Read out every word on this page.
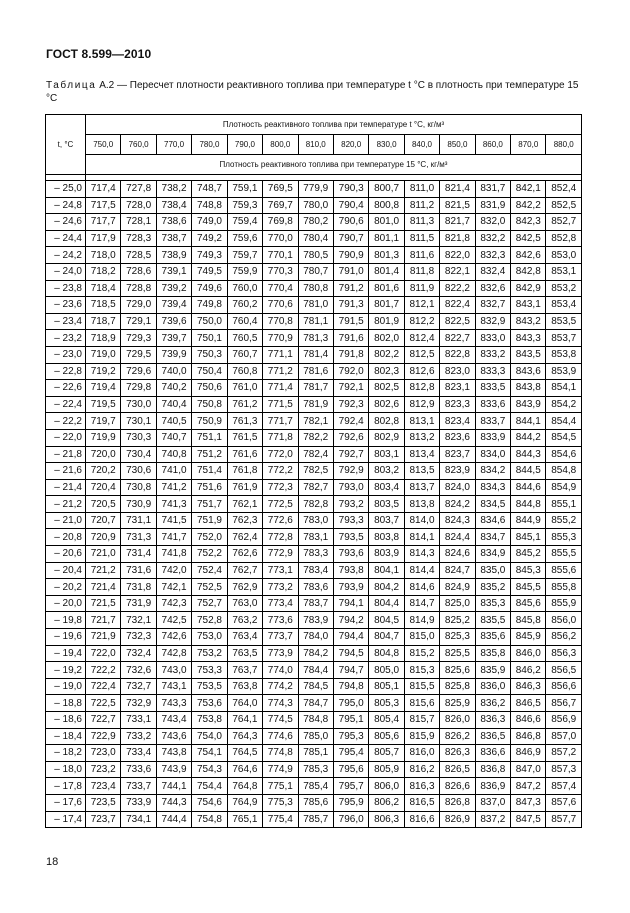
ГОСТ 8.599—2010
Таблица А.2 — Пересчет плотности реактивного топлива при температуре t °С в плотность при температуре 15 °С
t, °С	Плотность реактивного топлива при температуре t °С, кг/м³													
	750,0	760,0	770,0	780,0	790,0	800,0	810,0	820,0	830,0	840,0	850,0	860,0	870,0	880,0
	Плотность реактивного топлива при температуре 15 °С, кг/м³													

– 25,0	717,4	727,8	738,2	748,7	759,1	769,5	779,9	790,3	800,7	811,0	821,4	831,7	842,1	852,4
– 24,8	717,5	728,0	738,4	748,8	759,3	769,7	780,0	790,4	800,8	811,2	821,5	831,9	842,2	852,5
– 24,6	717,7	728,1	738,6	749,0	759,4	769,8	780,2	790,6	801,0	811,3	821,7	832,0	842,3	852,7
– 24,4	717,9	728,3	738,7	749,2	759,6	770,0	780,4	790,7	801,1	811,5	821,8	832,2	842,5	852,8
– 24,2	718,0	728,5	738,9	749,3	759,7	770,1	780,5	790,9	801,3	811,6	822,0	832,3	842,6	853,0
– 24,0	718,2	728,6	739,1	749,5	759,9	770,3	780,7	791,0	801,4	811,8	822,1	832,4	842,8	853,1
– 23,8	718,4	728,8	739,2	749,6	760,0	770,4	780,8	791,2	801,6	811,9	822,2	832,6	842,9	853,2
– 23,6	718,5	729,0	739,4	749,8	760,2	770,6	781,0	791,3	801,7	812,1	822,4	832,7	843,1	853,4
– 23,4	718,7	729,1	739,6	750,0	760,4	770,8	781,1	791,5	801,9	812,2	822,5	832,9	843,2	853,5
– 23,2	718,9	729,3	739,7	750,1	760,5	770,9	781,3	791,6	802,0	812,4	822,7	833,0	843,3	853,7
– 23,0	719,0	729,5	739,9	750,3	760,7	771,1	781,4	791,8	802,2	812,5	822,8	833,2	843,5	853,8
– 22,8	719,2	729,6	740,0	750,4	760,8	771,2	781,6	792,0	802,3	812,6	823,0	833,3	843,6	853,9
– 22,6	719,4	729,8	740,2	750,6	761,0	771,4	781,7	792,1	802,5	812,8	823,1	833,5	843,8	854,1
– 22,4	719,5	730,0	740,4	750,8	761,2	771,5	781,9	792,3	802,6	812,9	823,3	833,6	843,9	854,2
– 22,2	719,7	730,1	740,5	750,9	761,3	771,7	782,1	792,4	802,8	813,1	823,4	833,7	844,1	854,4
– 22,0	719,9	730,3	740,7	751,1	761,5	771,8	782,2	792,6	802,9	813,2	823,6	833,9	844,2	854,5
– 21,8	720,0	730,4	740,8	751,2	761,6	772,0	782,4	792,7	803,1	813,4	823,7	834,0	844,3	854,6
– 21,6	720,2	730,6	741,0	751,4	761,8	772,2	782,5	792,9	803,2	813,5	823,9	834,2	844,5	854,8
– 21,4	720,4	730,8	741,2	751,6	761,9	772,3	782,7	793,0	803,4	813,7	824,0	834,3	844,6	854,9
– 21,2	720,5	730,9	741,3	751,7	762,1	772,5	782,8	793,2	803,5	813,8	824,2	834,5	844,8	855,1
– 21,0	720,7	731,1	741,5	751,9	762,3	772,6	783,0	793,3	803,7	814,0	824,3	834,6	844,9	855,2
– 20,8	720,9	731,3	741,7	752,0	762,4	772,8	783,1	793,5	803,8	814,1	824,4	834,7	845,1	855,3
– 20,6	721,0	731,4	741,8	752,2	762,6	772,9	783,3	793,6	803,9	814,3	824,6	834,9	845,2	855,5
– 20,4	721,2	731,6	742,0	752,4	762,7	773,1	783,4	793,8	804,1	814,4	824,7	835,0	845,3	855,6
– 20,2	721,4	731,8	742,1	752,5	762,9	773,2	783,6	793,9	804,2	814,6	824,9	835,2	845,5	855,8
– 20,0	721,5	731,9	742,3	752,7	763,0	773,4	783,7	794,1	804,4	814,7	825,0	835,3	845,6	855,9
– 19,8	721,7	732,1	742,5	752,8	763,2	773,6	783,9	794,2	804,5	814,9	825,2	835,5	845,8	856,0
– 19,6	721,9	732,3	742,6	753,0	763,4	773,7	784,0	794,4	804,7	815,0	825,3	835,6	845,9	856,2
– 19,4	722,0	732,4	742,8	753,2	763,5	773,9	784,2	794,5	804,8	815,2	825,5	835,8	846,0	856,3
– 19,2	722,2	732,6	743,0	753,3	763,7	774,0	784,4	794,7	805,0	815,3	825,6	835,9	846,2	856,5
– 19,0	722,4	732,7	743,1	753,5	763,8	774,2	784,5	794,8	805,1	815,5	825,8	836,0	846,3	856,6
– 18,8	722,5	732,9	743,3	753,6	764,0	774,3	784,7	795,0	805,3	815,6	825,9	836,2	846,5	856,7
– 18,6	722,7	733,1	743,4	753,8	764,1	774,5	784,8	795,1	805,4	815,7	826,0	836,3	846,6	856,9
– 18,4	722,9	733,2	743,6	754,0	764,3	774,6	785,0	795,3	805,6	815,9	826,2	836,5	846,8	857,0
– 18,2	723,0	733,4	743,8	754,1	764,5	774,8	785,1	795,4	805,7	816,0	826,3	836,6	846,9	857,2
– 18,0	723,2	733,6	743,9	754,3	764,6	774,9	785,3	795,6	805,9	816,2	826,5	836,8	847,0	857,3
– 17,8	723,4	733,7	744,1	754,4	764,8	775,1	785,4	795,7	806,0	816,3	826,6	836,9	847,2	857,4
– 17,6	723,5	733,9	744,3	754,6	764,9	775,3	785,6	795,9	806,2	816,5	826,8	837,0	847,3	857,6
– 17,4	723,7	734,1	744,4	754,8	765,1	775,4	785,7	796,0	806,3	816,6	826,9	837,2	847,5	857,7
18
